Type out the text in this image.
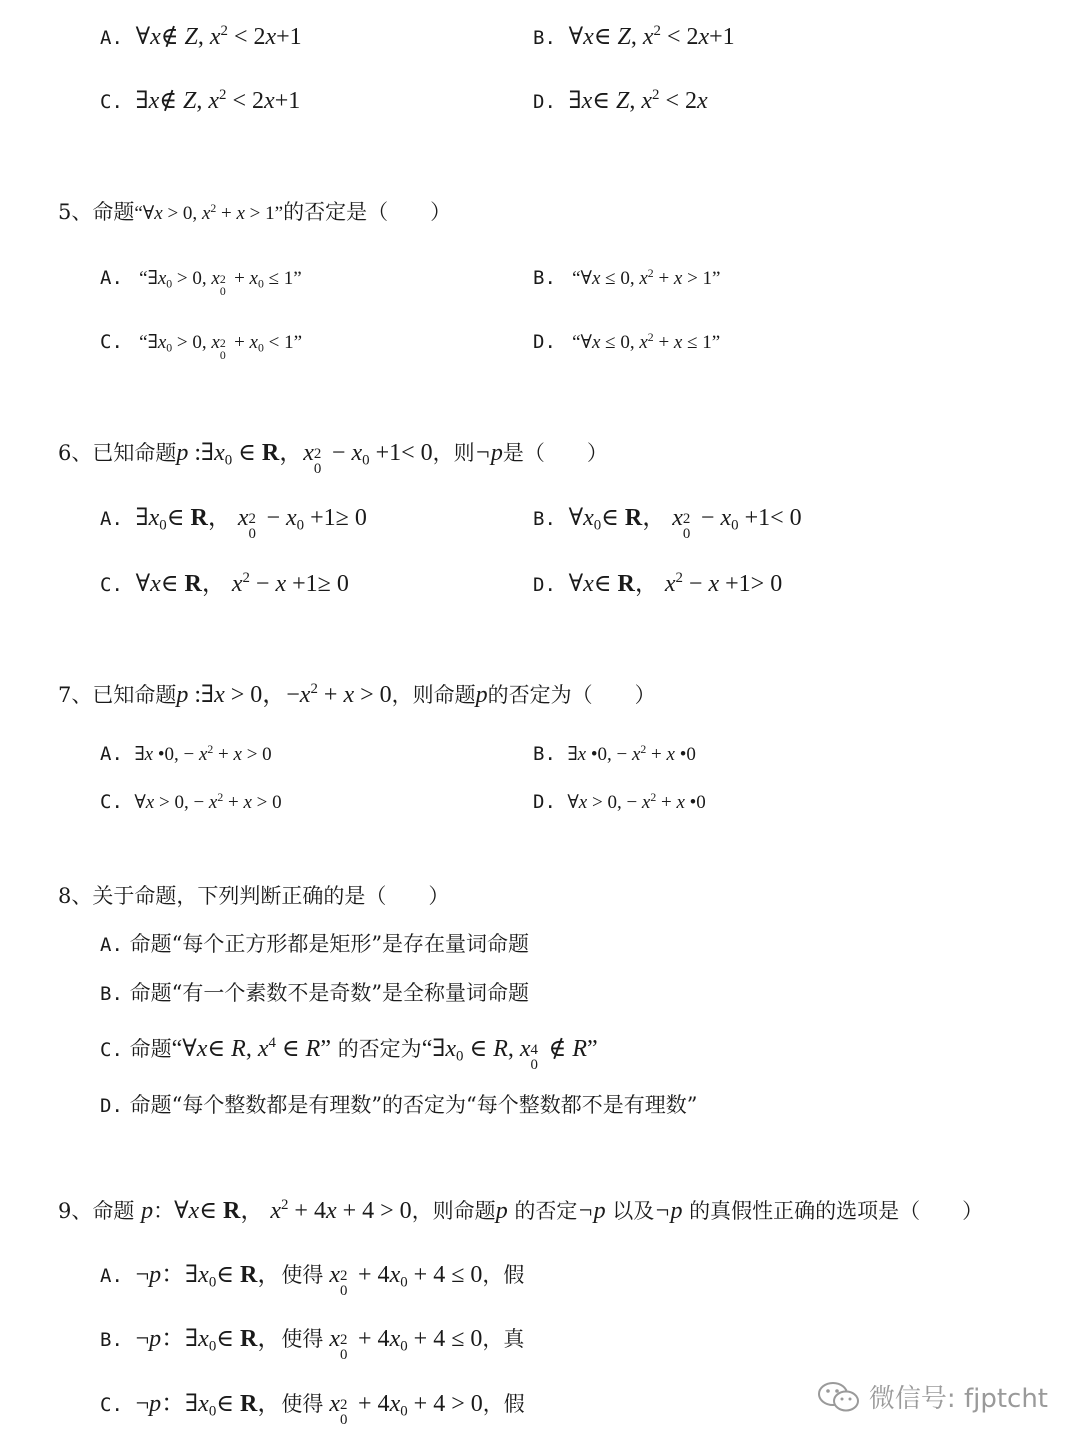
A.  ∀x∉ Z, $x^2 < 2x+1$	B.  ∀x∈ Z, $x^2 < 2x+1$
C.  ∃x∉ Z, $x^2 < 2x+1$	D.  ∃x∈ Z, $x^2 < 2x$
5、命题“∀x > 0, $x^2 + x > 1$”的否定是（　　）
A.   “$\exists x_0 > 0$, x 2
0
+ $x_0 \le 1$”	B.   “∀x ≤ 0, $x^2 + x > 1$”
C.   “$\exists x_0 > 0$, x 2
0
+ $x_0 < 1$”	D.   “∀x ≤ 0, $x^2 + x \le 1$”
6、已知命题p $:\exists x_0$ ∈ R，x 2
0
− $x_0 +1< 0$，则¬p是（　　）
A.  $\exists x_0\in$ R， x 2
0
− $x_0 +1\ge 0$	B.  $\forall x_0\in$ R， x 2
0
− $x_0 +1< 0$
C.  ∀x∈ R， $x^2 - x +1\ge 0$	D.  ∀x∈ R， $x^2 - x +1> 0$
7、已知命题p :∃x > 0，$-x^2 + x > 0$，则命题p的否定为（　　）
A.  ∃x •0, − $x^2 + x > 0$	B.  ∃x •0, − $x^2 + x$ •0
C.  ∀x > 0, − $x^2 + x > 0$	D.  ∀x > 0, − $x^2 + x$ •0
8、关于命题，下列判断正确的是（　　）
A. 命题“每个正方形都是矩形”是存在量词命题
B. 命题“有一个素数不是奇数”是全称量词命题
C. 命题“∀x∈ R, $x^4$ ∈ R” 的否定为“$\exists x_0$ ∈ R, x 4
0
∉ R”
D. 命题“每个整数都是有理数”的否定为“每个整数都不是有理数”
9、命题 p：∀x∈ R， $x^2 + 4x + 4 > 0$，则命题p 的否定¬p 以及¬p 的真假性正确的选项是（　　）
A.  ¬p：$\exists x_0\in$ R，使得 x 2
0
+ $4x_0 + 4 \le 0$，假
B.  ¬p：$\exists x_0\in$ R，使得 x 2
0
+ $4x_0 + 4 \le 0$，真
C.  ¬p：$\exists x_0\in$ R，使得 x 2
0
+ $4x_0 + 4 > 0$，假	微信号: fjptcht
